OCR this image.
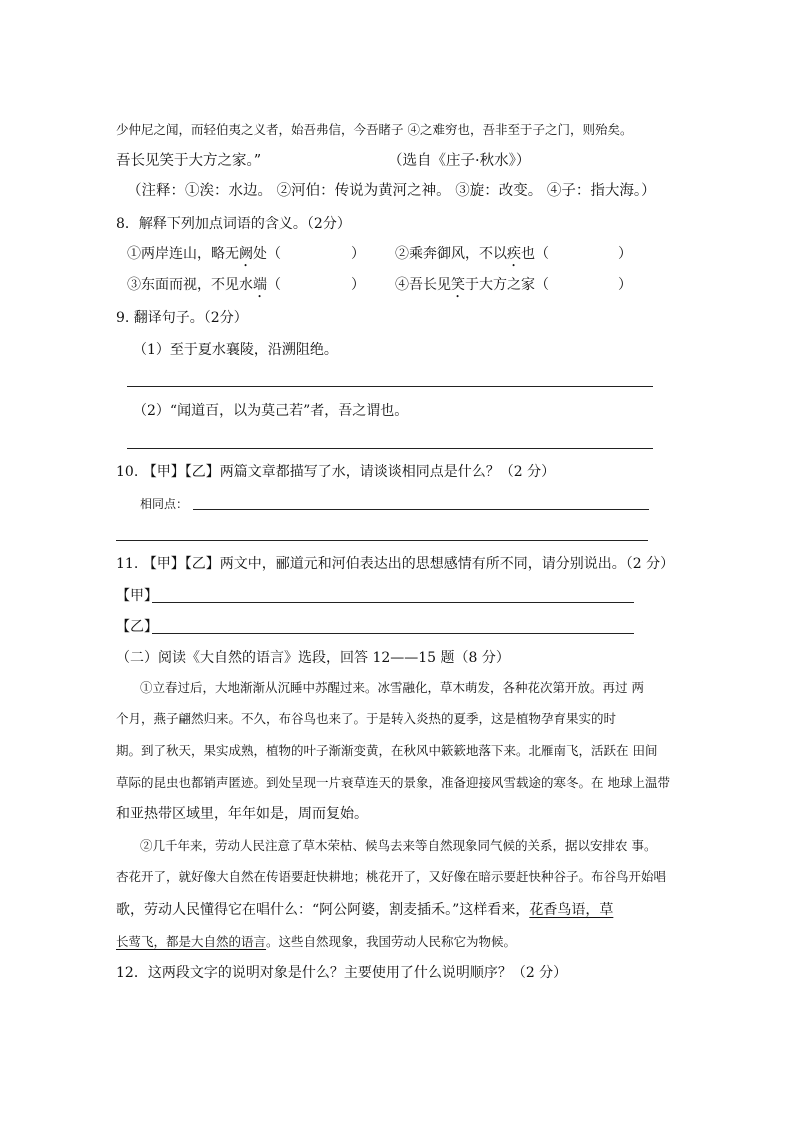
少仲尼之闻，而轻伯夷之义者，始吾弗信，今吾睹子 ④之难穷也，吾非至于子之门，则殆矣。
吾长见笑于大方之家。”	（选自《庄子·秋水》）
（注释：①涘：水边。 ②河伯：传说为黄河之神。 ③旋：改变。 ④子：指大海。）
8．解释下列加点词语的含义。（2分）
①两岸连山，略无阙处（	） ②乘奔御风，不以疾也（	）
③东面而视，不见水端（	） ④吾长见笑于大方之家（	）
9. 翻译句子。（2分）
（1）至于夏水襄陵，沿溯阻绝。
（2）“闻道百，以为莫己若”者，吾之谓也。
10. 【甲】【乙】两篇文章都描写了水，请谈谈相同点是什么？（2 分）
相同点：
11. 【甲】【乙】两文中，郦道元和河伯表达出的思想感情有所不同，请分别说出。（2 分）
【甲】
【乙】
（二）阅读《大自然的语言》选段，回答 12——15 题（8 分）
①立春过后，大地渐渐从沉睡中苏醒过来。冰雪融化，草木萌发，各种花次第开放。再过 两
个月，燕子翩然归来。不久，布谷鸟也来了。于是转入炎热的夏季，这是植物孕育果实的时
期。到了秋天，果实成熟，植物的叶子渐渐变黄，在秋风中簌簌地落下来。北雁南飞，活跃在 田间
草际的昆虫也都销声匿迹。到处呈现一片衰草连天的景象，准备迎接风雪载途的寒冬。在 地球上温带
和亚热带区域里，年年如是，周而复始。
②几千年来，劳动人民注意了草木荣枯、候鸟去来等自然现象同气候的关系，据以安排农 事。
杏花开了，就好像大自然在传语要赶快耕地；桃花开了，又好像在暗示要赶快种谷子。布谷鸟开始唱
歌，劳动人民懂得它在唱什么：“阿公阿婆，割麦插禾。”这样看来，花香鸟语，草
长莺飞，都是大自然的语言。这些自然现象，我国劳动人民称它为物候。
12．这两段文字的说明对象是什么？主要使用了什么说明顺序？（2 分）
